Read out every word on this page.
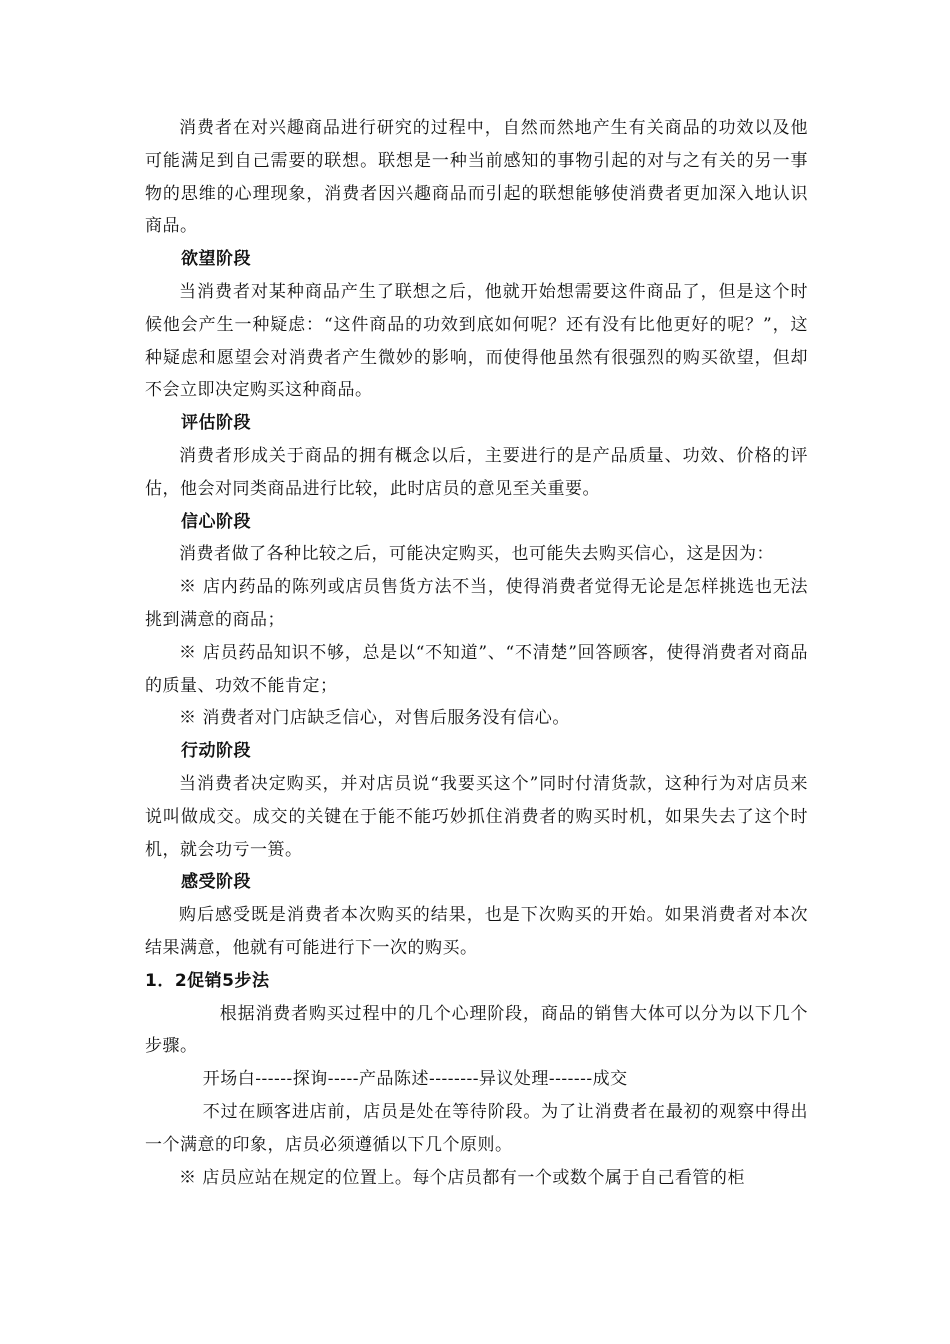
消费者在对兴趣商品进行研究的过程中，自然而然地产生有关商品的功效以及他可能满足到自己需要的联想。联想是一种当前感知的事物引起的对与之有关的另一事物的思维的心理现象，消费者因兴趣商品而引起的联想能够使消费者更加深入地认识商品。

欲望阶段

当消费者对某种商品产生了联想之后，他就开始想需要这件商品了，但是这个时候他会产生一种疑虑：“这件商品的功效到底如何呢？还有没有比他更好的呢？”，这种疑虑和愿望会对消费者产生微妙的影响，而使得他虽然有很强烈的购买欲望，但却不会立即决定购买这种商品。

评估阶段

消费者形成关于商品的拥有概念以后，主要进行的是产品质量、功效、价格的评估，他会对同类商品进行比较，此时店员的意见至关重要。

信心阶段

消费者做了各种比较之后，可能决定购买，也可能失去购买信心，这是因为：

※ 店内药品的陈列或店员售货方法不当，使得消费者觉得无论是怎样挑选也无法挑到满意的商品；

※ 店员药品知识不够，总是以“不知道”、“不清楚”回答顾客，使得消费者对商品的质量、功效不能肯定；

※ 消费者对门店缺乏信心，对售后服务没有信心。

行动阶段

当消费者决定购买，并对店员说“我要买这个”同时付清货款，这种行为对店员来说叫做成交。成交的关键在于能不能巧妙抓住消费者的购买时机，如果失去了这个时机，就会功亏一篑。

感受阶段

购后感受既是消费者本次购买的结果，也是下次购买的开始。如果消费者对本次结果满意，他就有可能进行下一次的购买。

1．2促销5步法

根据消费者购买过程中的几个心理阶段，商品的销售大体可以分为以下几个步骤。

开场白------探询-----产品陈述--------异议处理-------成交

不过在顾客进店前，店员是处在等待阶段。为了让消费者在最初的观察中得出一个满意的印象，店员必须遵循以下几个原则。

※ 店员应站在规定的位置上。每个店员都有一个或数个属于自己看管的柜
